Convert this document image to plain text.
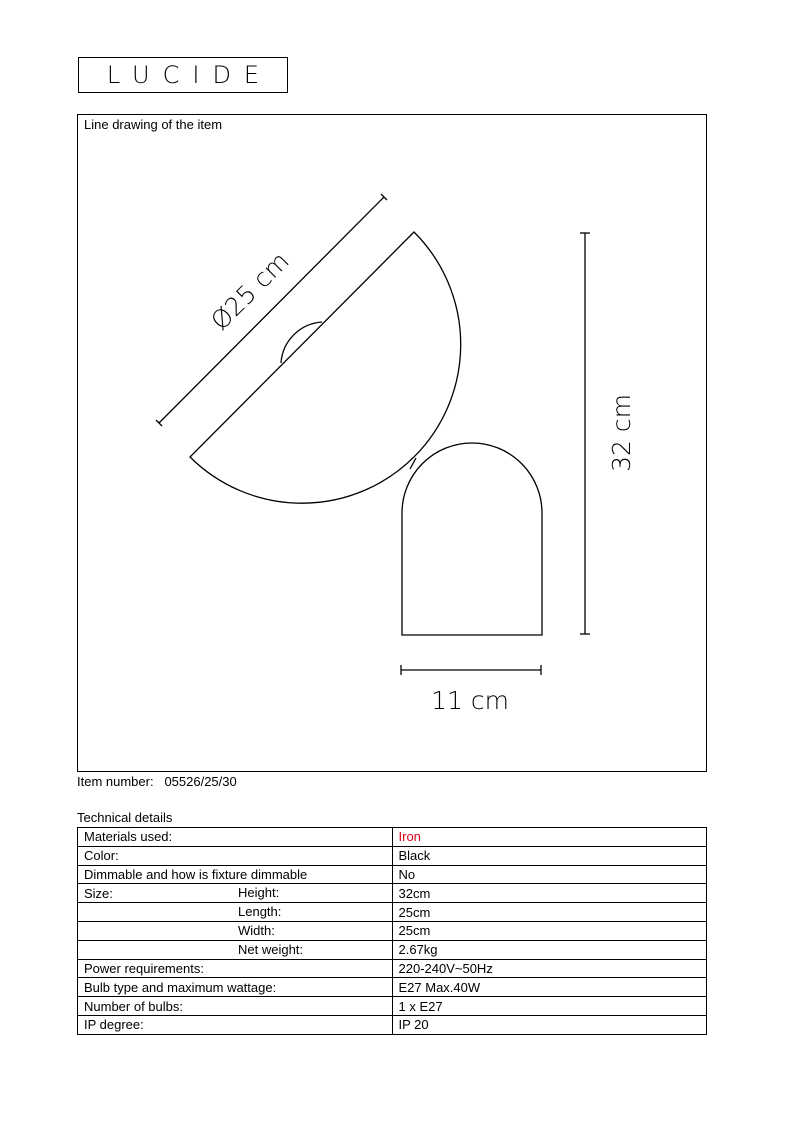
LUCIDE
Line drawing of the item
Ø25 cm
32 cm
11 cm
Item number: 05526/25/30
Technical details
Materials used:	Iron
Color:	Black
Dimmable and how is fixture dimmable	No
Size: Height:	32cm

Length:	25cm

Width:	25cm

Net weight:	2.67kg
Power requirements:	220-240V~50Hz
Bulb type and maximum wattage:	E27 Max.40W
Number of bulbs:	1 x E27
IP degree:	IP 20
